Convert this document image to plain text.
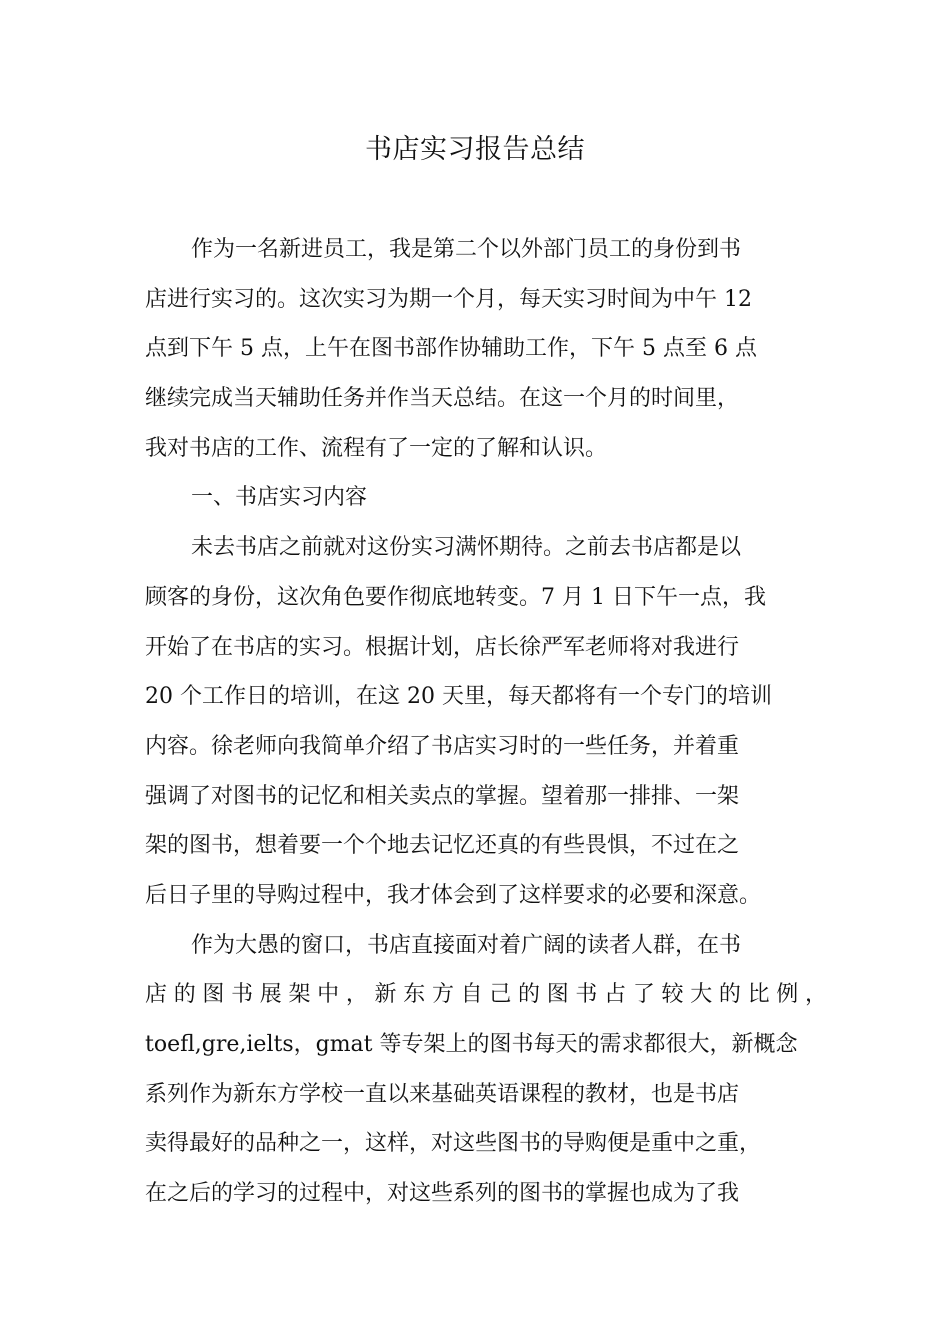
书店实习报告总结
作为一名新进员工，我是第二个以外部门员工的身份到书
店进行实习的。这次实习为期一个月，每天实习时间为中午 12
点到下午 5 点，上午在图书部作协辅助工作，下午 5 点至 6 点
继续完成当天辅助任务并作当天总结。在这一个月的时间里，
我对书店的工作、流程有了一定的了解和认识。
一、书店实习内容
未去书店之前就对这份实习满怀期待。之前去书店都是以
顾客的身份，这次角色要作彻底地转变。7 月 1 日下午一点，我
开始了在书店的实习。根据计划，店长徐严军老师将对我进行
20 个工作日的培训，在这 20 天里，每天都将有一个专门的培训
内容。徐老师向我简单介绍了书店实习时的一些任务，并着重
强调了对图书的记忆和相关卖点的掌握。望着那一排排、一架
架的图书，想着要一个个地去记忆还真的有些畏惧，不过在之
后日子里的导购过程中，我才体会到了这样要求的必要和深意。
作为大愚的窗口，书店直接面对着广阔的读者人群，在书
店的图书展架中，新东方自己的图书占了较大的比例，
toefl,gre,ielts，gmat 等专架上的图书每天的需求都很大，新概念
系列作为新东方学校一直以来基础英语课程的教材，也是书店
卖得最好的品种之一，这样，对这些图书的导购便是重中之重，
在之后的学习的过程中，对这些系列的图书的掌握也成为了我
